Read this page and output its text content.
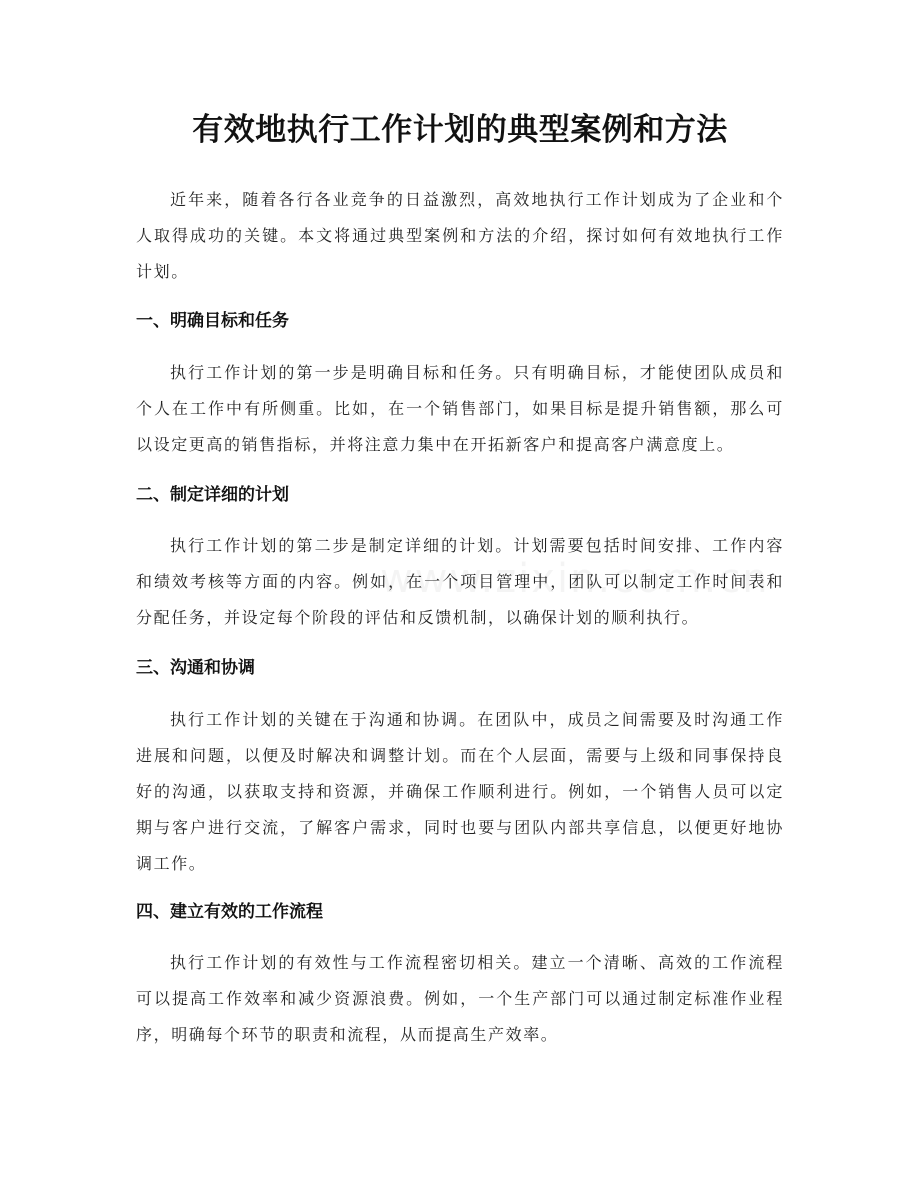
有效地执行工作计划的典型案例和方法

近年来，随着各行各业竞争的日益激烈，高效地执行工作计划成为了企业和个人取得成功的关键。本文将通过典型案例和方法的介绍，探讨如何有效地执行工作计划。

一、明确目标和任务

执行工作计划的第一步是明确目标和任务。只有明确目标，才能使团队成员和个人在工作中有所侧重。比如，在一个销售部门，如果目标是提升销售额，那么可以设定更高的销售指标，并将注意力集中在开拓新客户和提高客户满意度上。

二、制定详细的计划

执行工作计划的第二步是制定详细的计划。计划需要包括时间安排、工作内容和绩效考核等方面的内容。例如，在一个项目管理中，团队可以制定工作时间表和分配任务，并设定每个阶段的评估和反馈机制，以确保计划的顺利执行。

三、沟通和协调

执行工作计划的关键在于沟通和协调。在团队中，成员之间需要及时沟通工作进展和问题，以便及时解决和调整计划。而在个人层面，需要与上级和同事保持良好的沟通，以获取支持和资源，并确保工作顺利进行。例如，一个销售人员可以定期与客户进行交流，了解客户需求，同时也要与团队内部共享信息，以便更好地协调工作。

四、建立有效的工作流程

执行工作计划的有效性与工作流程密切相关。建立一个清晰、高效的工作流程可以提高工作效率和减少资源浪费。例如，一个生产部门可以通过制定标准作业程序，明确每个环节的职责和流程，从而提高生产效率。
